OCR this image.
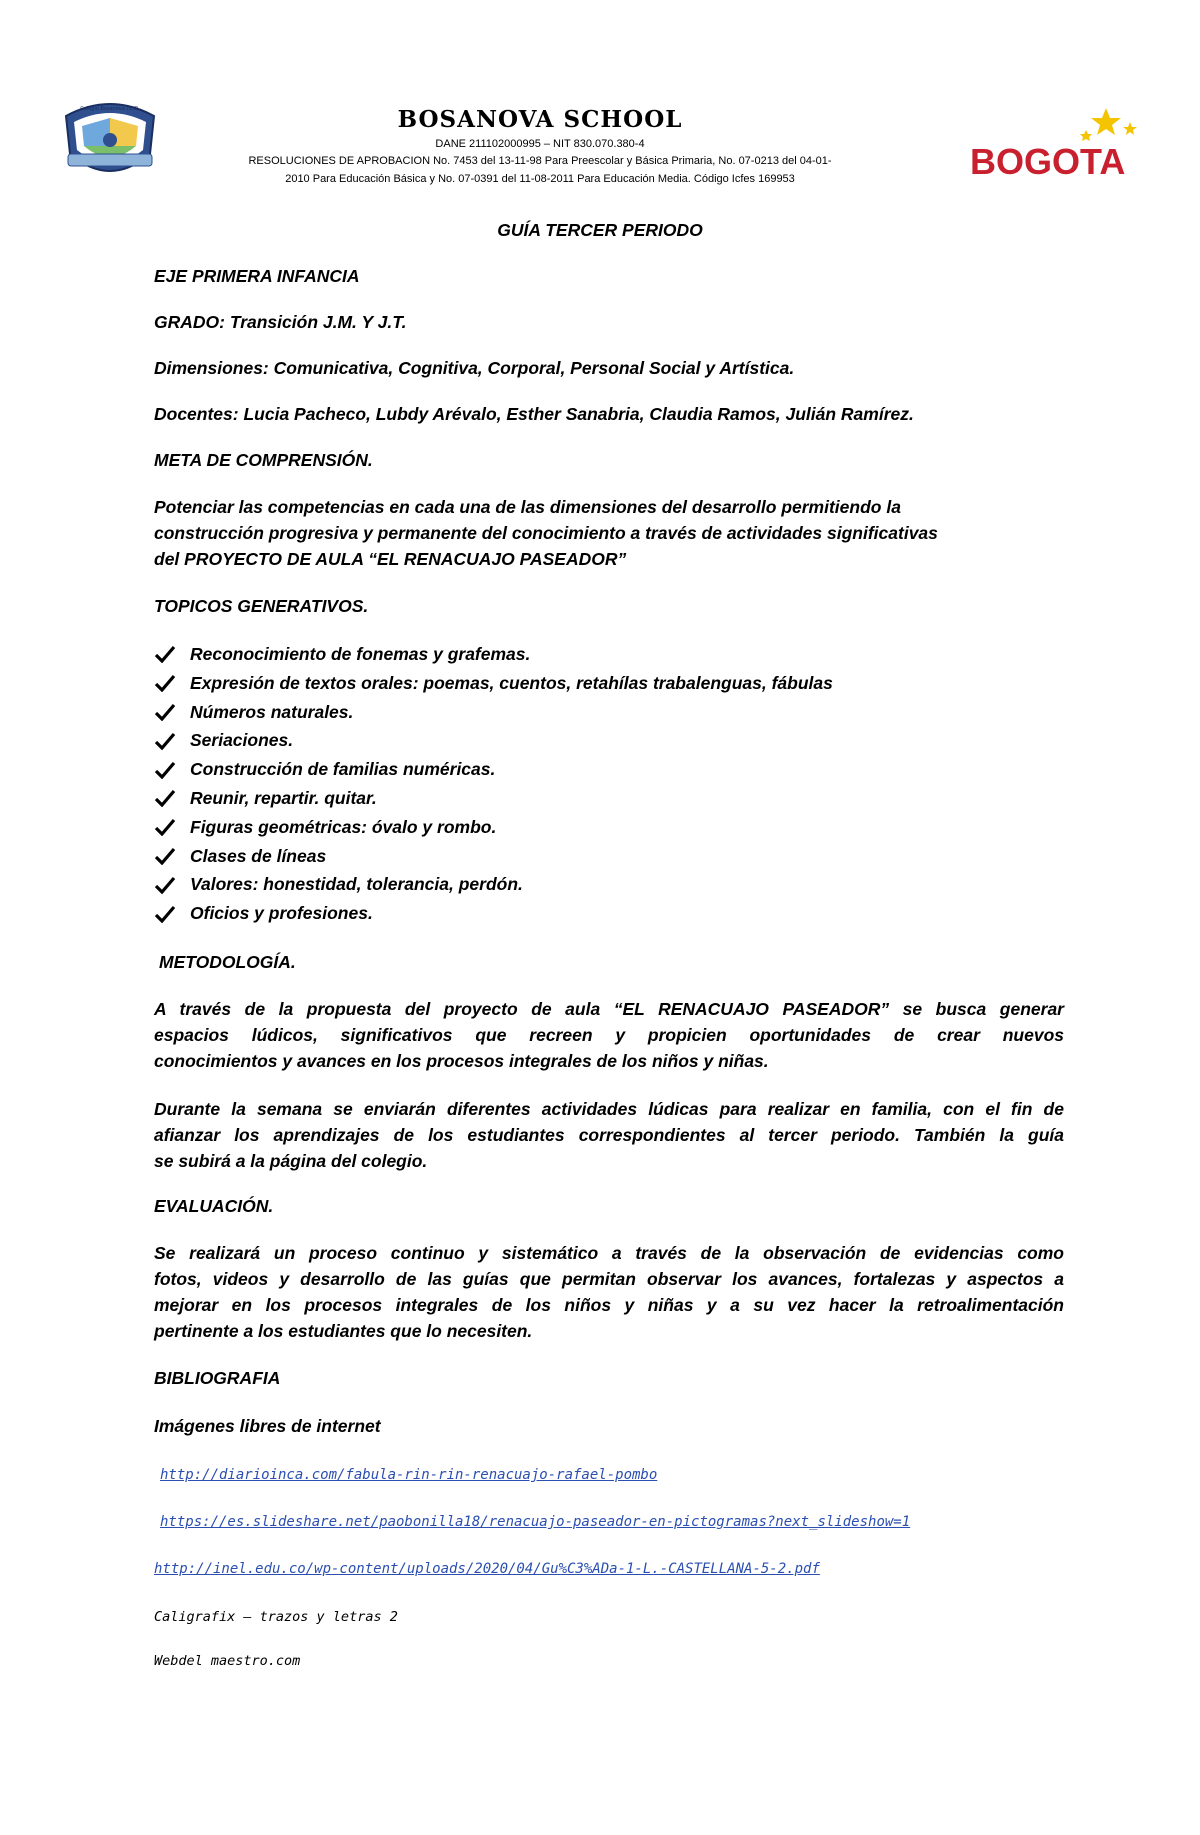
Colegio Bosanova I.E.D.	BOSANOVA SCHOOL
DANE 211102000995 – NIT 830.070.380-4
RESOLUCIONES DE APROBACION No. 7453 del 13-11-98 Para Preescolar y Básica Primaria, No. 07-0213 del 04-01-
2010 Para Educación Básica y No. 07-0391 del 11-08-2011 Para Educación Media. Código Icfes 169953	BOGOTA
GUÍA TERCER PERIODO
EJE PRIMERA INFANCIA
GRADO: Transición J.M. Y J.T.
Dimensiones: Comunicativa, Cognitiva, Corporal, Personal Social y Artística.
Docentes: Lucia Pacheco, Lubdy Arévalo, Esther Sanabria, Claudia Ramos, Julián Ramírez.
META DE COMPRENSIÓN.
Potenciar las competencias en cada una de las dimensiones del desarrollo permitiendo la
construcción progresiva y permanente del conocimiento a través de actividades significativas
del PROYECTO DE AULA “EL RENACUAJO PASEADOR”
TOPICOS GENERATIVOS.
Reconocimiento de fonemas y grafemas.
Expresión de textos orales: poemas, cuentos, retahílas trabalenguas, fábulas
Números naturales.
Seriaciones.
Construcción de familias numéricas.
Reunir, repartir. quitar.
Figuras geométricas: óvalo y rombo.
Clases de líneas
Valores: honestidad, tolerancia, perdón.
Oficios y profesiones.
METODOLOGÍA.
A través de la propuesta del proyecto de aula “EL RENACUAJO PASEADOR” se busca generar
espacios lúdicos, significativos que recreen y propicien oportunidades de crear nuevos
conocimientos y avances en los procesos integrales de los niños y niñas.
Durante la semana se enviarán diferentes actividades lúdicas para realizar en familia, con el fin de
afianzar los aprendizajes de los estudiantes correspondientes al tercer periodo. También la guía
se subirá a la página del colegio.
EVALUACIÓN.
Se realizará un proceso continuo y sistemático a través de la observación de evidencias como
fotos, videos y desarrollo de las guías que permitan observar los avances, fortalezas y aspectos a
mejorar en los procesos integrales de los niños y niñas y a su vez hacer la retroalimentación
pertinente a los estudiantes que lo necesiten.
BIBLIOGRAFIA
Imágenes libres de internet
http://diarioinca.com/fabula-rin-rin-renacuajo-rafael-pombo
https://es.slideshare.net/paobonilla18/renacuajo-paseador-en-pictogramas?next_slideshow=1
http://inel.edu.co/wp-content/uploads/2020/04/Gu%C3%ADa-1-L.-CASTELLANA-5-2.pdf
Caligrafix – trazos y letras 2
Webdel maestro.com
